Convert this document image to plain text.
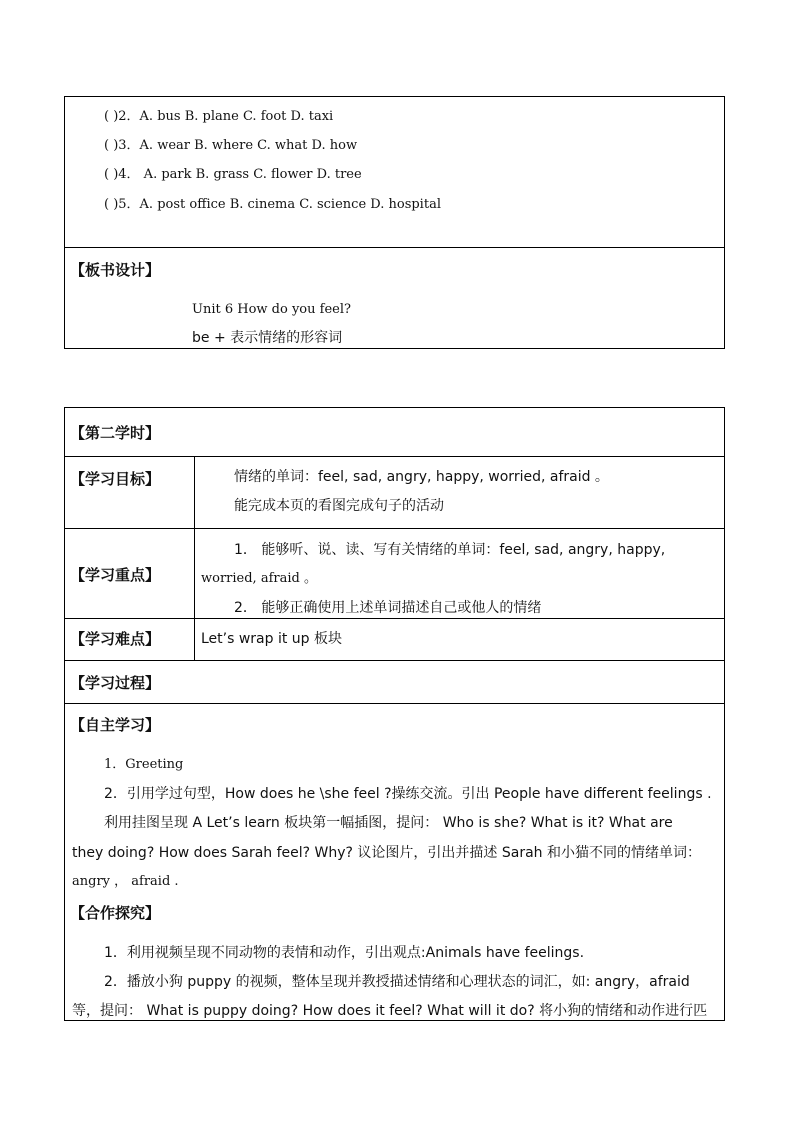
( )2．A. bus B. plane C. foot D. taxi
( )3．A. wear B. where C. what D. how
( )4． A. park B. grass C. flower D. tree
( )5．A. post office B. cinema C. science D. hospital
【板书设计】
Unit 6 How do you feel?
be + 表示情绪的形容词
【第二学时】
【学习目标】	情绪的单词：feel, sad, angry, happy, worried, afraid 。
能完成本页的看图完成句子的活动
【学习重点】
1． 能够听、说、读、写有关情绪的单词：feel, sad, angry, happy,
worried, afraid 。
2． 能够正确使用上述单词描述自己或他人的情绪
【学习难点】	Let’s wrap it up 板块
【学习过程】
【自主学习】
1．Greeting
2．引用学过句型，How does he \she feel ?操练交流。引出 People have different feelings .
利用挂图呈现 A Let’s learn 板块第一幅插图，提问： Who is she? What is it? What are
they doing? How does Sarah feel? Why? 议论图片，引出并描述 Sarah 和小猫不同的情绪单词：
angry ， afraid .
【合作探究】
1．利用视频呈现不同动物的表情和动作，引出观点:Animals have feelings.
2．播放小狗 puppy 的视频，整体呈现并教授描述情绪和心理状态的词汇，如: angry，afraid
等，提问： What is puppy doing? How does it feel? What will it do? 将小狗的情绪和动作进行匹
